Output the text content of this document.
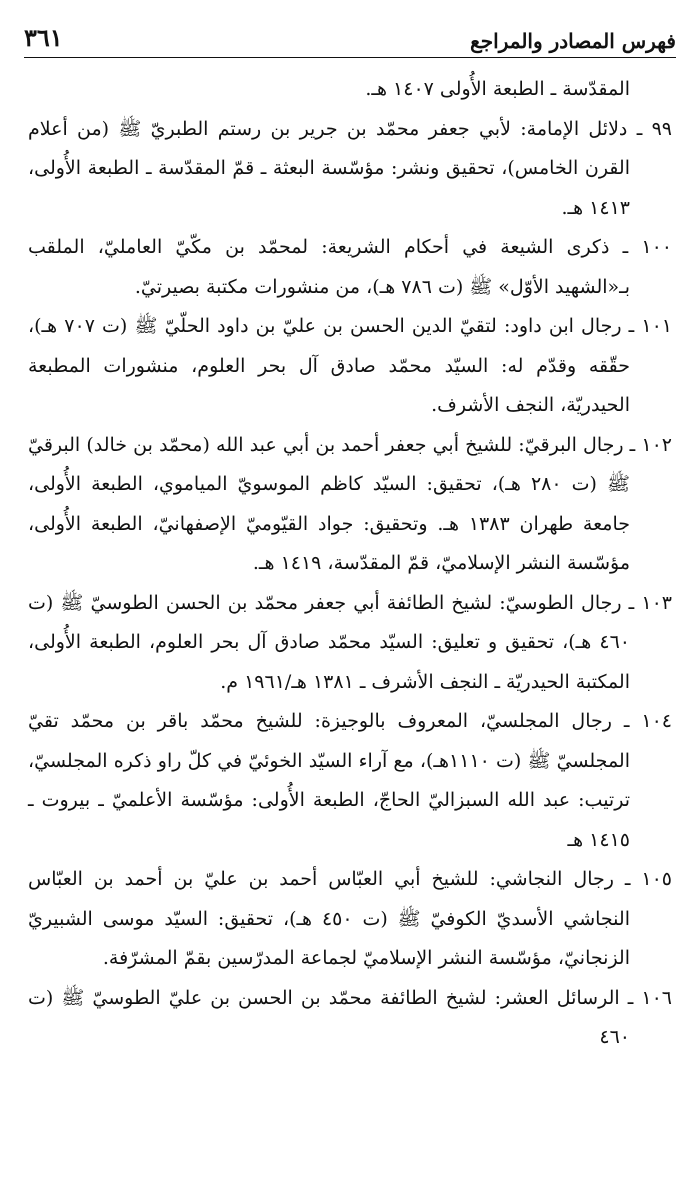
فهرس المصادر والمراجع
٣٦١

المقدّسة ـ الطبعة الأُولى ١٤٠٧ هـ.

٩٩ ـ دلائل الإمامة: لأبي جعفر محمّد بن جرير بن رستم الطبريّ ﷺ (من أعلام القرن الخامس)، تحقيق ونشر: مؤسّسة البعثة ـ قمّ المقدّسة ـ الطبعة الأُولى، ١٤١٣ هـ.

١٠٠ ـ ذكرى الشيعة في أحكام الشريعة: لمحمّد بن مكّيّ العامليّ، الملقب بـ«الشهيد الأوّل» ﷺ (ت ٧٨٦ هـ)، من منشورات مكتبة بصيرتيّ.

١٠١ ـ رجال ابن داود: لتقيّ الدين الحسن بن عليّ بن داود الحلّيّ ﷺ (ت ٧٠٧ هـ)، حقّقه وقدّم له: السيّد محمّد صادق آل بحر العلوم، منشورات المطبعة الحيدريّة، النجف الأشرف.

١٠٢ ـ رجال البرقيّ: للشيخ أبي جعفر أحمد بن أبي عبد الله (محمّد بن خالد) البرقيّ ﷺ (ت ٢٨٠ هـ)، تحقيق: السيّد كاظم الموسويّ المياموي، الطبعة الأُولى، جامعة طهران ١٣٨٣ هـ. وتحقيق: جواد القيّوميّ الإصفهانيّ، الطبعة الأُولى، مؤسّسة النشر الإسلاميّ، قمّ المقدّسة، ١٤١٩ هـ.

١٠٣ ـ رجال الطوسيّ: لشيخ الطائفة أبي جعفر محمّد بن الحسن الطوسيّ ﷺ (ت ٤٦٠ هـ)، تحقيق و تعليق: السيّد محمّد صادق آل بحر العلوم، الطبعة الأُولى، المكتبة الحيدريّة ـ النجف الأشرف ـ ١٣٨١ هـ/١٩٦١ م.

١٠٤ ـ رجال المجلسيّ، المعروف بالوجيزة: للشيخ محمّد باقر بن محمّد تقيّ المجلسيّ ﷺ (ت ١١١٠هـ)، مع آراء السيّد الخوئيّ في كلّ راو ذكره المجلسيّ، ترتيب: عبد الله السبزاليّ الحاجّ، الطبعة الأُولى: مؤسّسة الأعلميّ ـ بيروت ـ ١٤١٥ هـ

١٠٥ ـ رجال النجاشي: للشيخ أبي العبّاس أحمد بن عليّ بن أحمد بن العبّاس النجاشي الأسديّ الكوفيّ ﷺ (ت ٤٥٠ هـ)، تحقيق: السيّد موسى الشبيريّ الزنجانيّ، مؤسّسة النشر الإسلاميّ لجماعة المدرّسين بقمّ المشرّفة.

١٠٦ ـ الرسائل العشر: لشيخ الطائفة محمّد بن الحسن بن عليّ الطوسيّ ﷺ (ت ٤٦٠
